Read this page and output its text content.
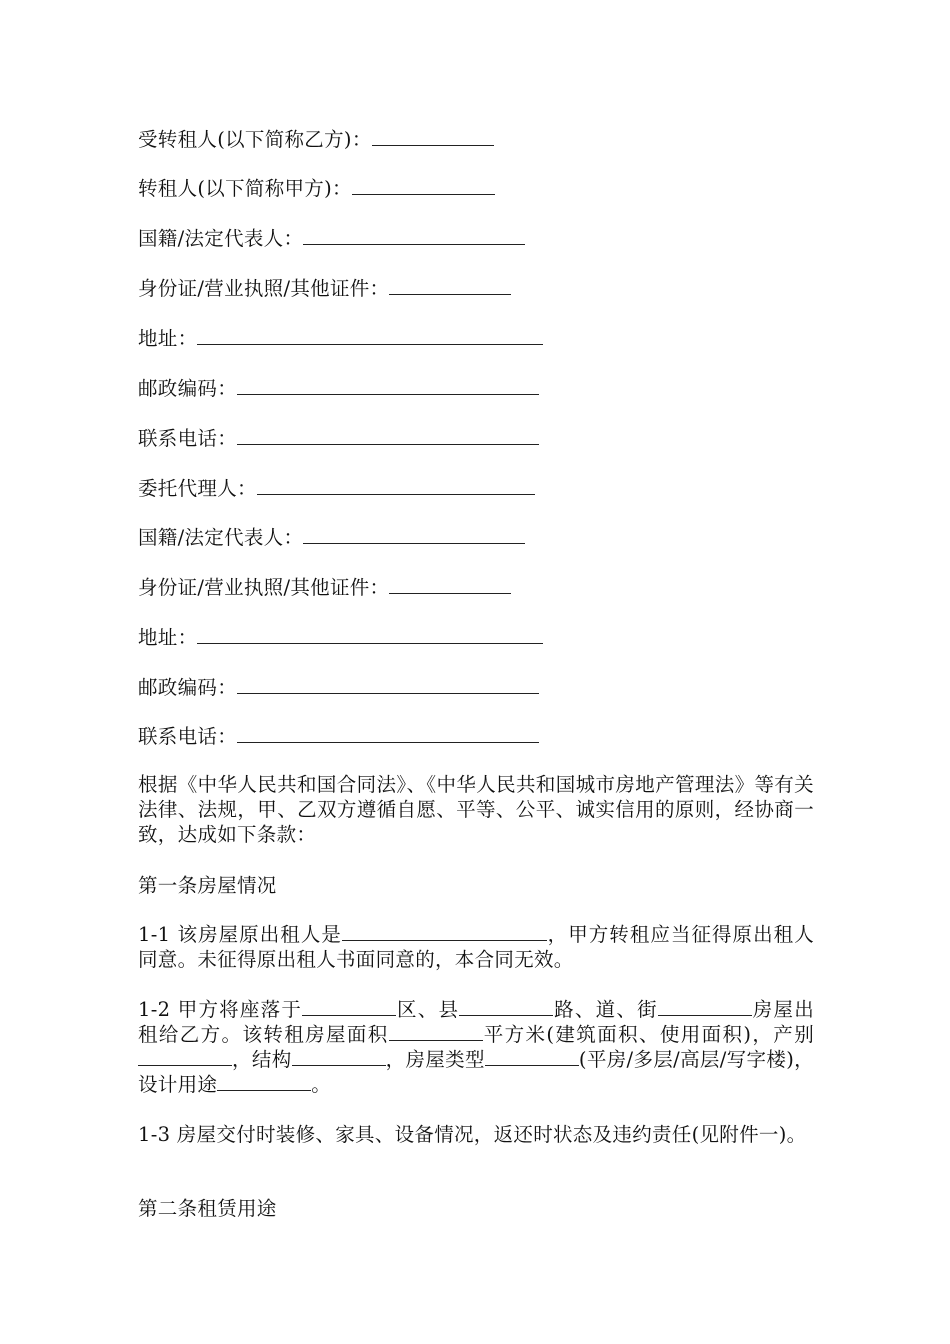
受转租人(以下简称乙方)：
转租人(以下简称甲方)：
国籍/法定代表人：
身份证/营业执照/其他证件：
地址：
邮政编码：
联系电话：
委托代理人：
国籍/法定代表人：
身份证/营业执照/其他证件：
地址：
邮政编码：
联系电话：

根据《中华人民共和国合同法》、《中华人民共和国城市房地产管理法》等有关法律、法规，甲、乙双方遵循自愿、平等、公平、诚实信用的原则，经协商一致，达成如下条款：

第一条房屋情况

1-1 该房屋原出租人是	，甲方转租应当征得原出租人同意。未征得原出租人书面同意的，本合同无效。

1-2 甲方将座落于	区、县	路、道、街	房屋出租给乙方。该转租房屋面积	平方米(建筑面积、使用面积)，产别，结构	，房屋类型	(平房/多层/高层/写字楼)，设计用途	。

1-3 房屋交付时装修、家具、设备情况，返还时状态及违约责任(见附件一)。

第二条租赁用途
